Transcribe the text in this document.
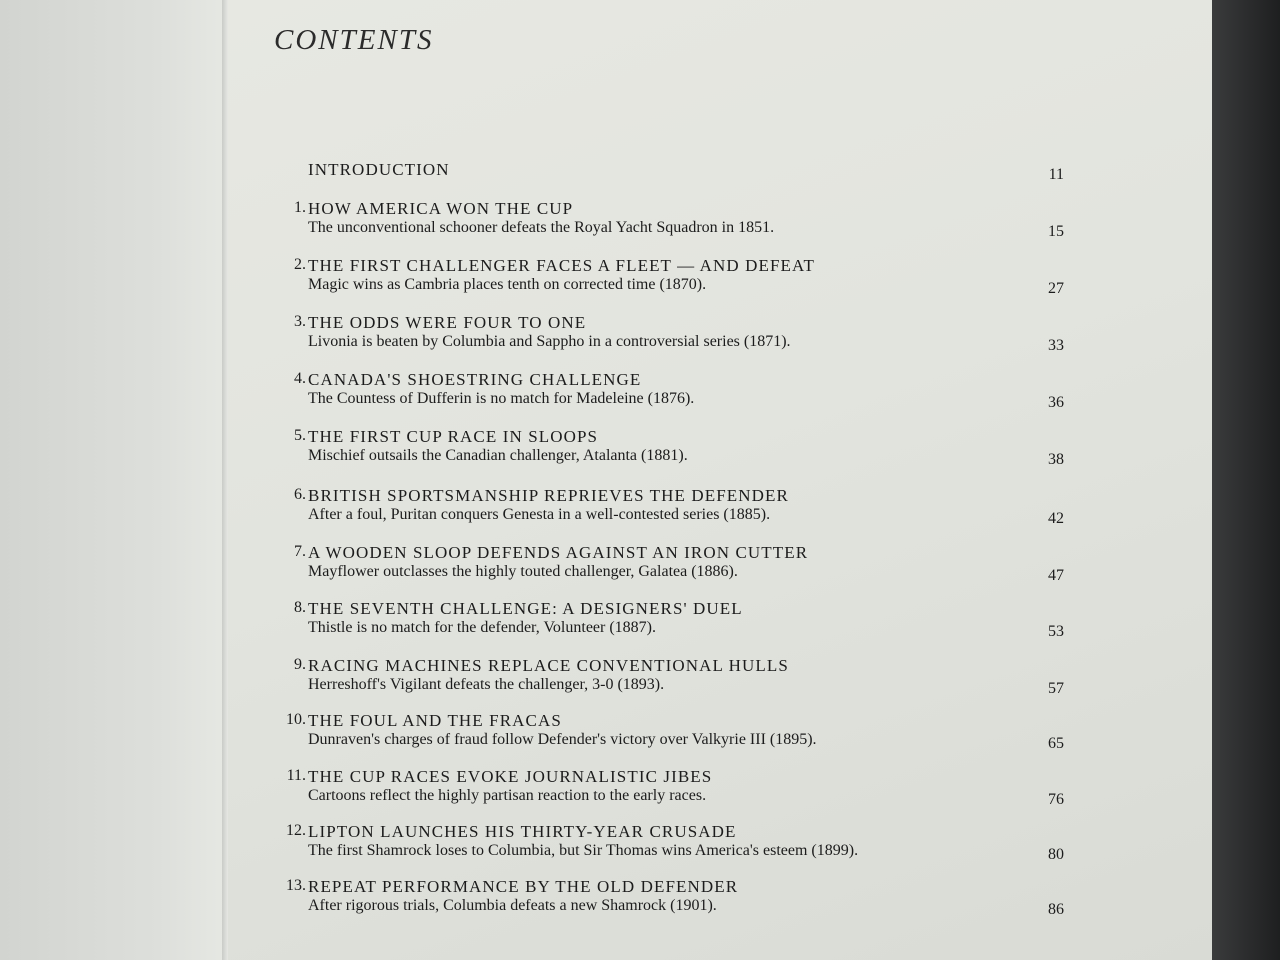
CONTENTS
INTRODUCTION	11
1. HOW AMERICA WON THE CUP
The unconventional schooner defeats the Royal Yacht Squadron in 1851.	15
2. THE FIRST CHALLENGER FACES A FLEET — AND DEFEAT
Magic wins as Cambria places tenth on corrected time (1870).	27
3. THE ODDS WERE FOUR TO ONE
Livonia is beaten by Columbia and Sappho in a controversial series (1871).	33
4. CANADA'S SHOESTRING CHALLENGE
The Countess of Dufferin is no match for Madeleine (1876).	36
5. THE FIRST CUP RACE IN SLOOPS
Mischief outsails the Canadian challenger, Atalanta (1881).	38
6. BRITISH SPORTSMANSHIP REPRIEVES THE DEFENDER
After a foul, Puritan conquers Genesta in a well-contested series (1885).	42
7. A WOODEN SLOOP DEFENDS AGAINST AN IRON CUTTER
Mayflower outclasses the highly touted challenger, Galatea (1886).	47
8. THE SEVENTH CHALLENGE: A DESIGNERS' DUEL
Thistle is no match for the defender, Volunteer (1887).	53
9. RACING MACHINES REPLACE CONVENTIONAL HULLS
Herreshoff's Vigilant defeats the challenger, 3-0 (1893).	57
10. THE FOUL AND THE FRACAS
Dunraven's charges of fraud follow Defender's victory over Valkyrie III (1895).	65
11. THE CUP RACES EVOKE JOURNALISTIC JIBES
Cartoons reflect the highly partisan reaction to the early races.	76
12. LIPTON LAUNCHES HIS THIRTY-YEAR CRUSADE
The first Shamrock loses to Columbia, but Sir Thomas wins America's esteem (1899).	80
13. REPEAT PERFORMANCE BY THE OLD DEFENDER
After rigorous trials, Columbia defeats a new Shamrock (1901).	86
